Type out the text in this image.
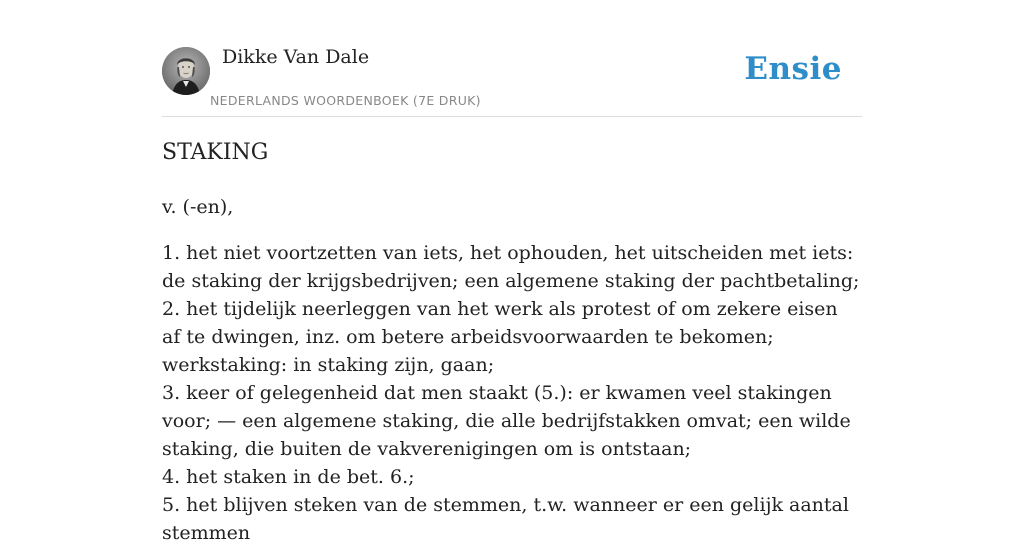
Dikke Van Dale
NEDERLANDS WOORDENBOEK (7E DRUK)
Ensie
STAKING
v. (-en),

1. het niet voortzetten van iets, het ophouden, het uitscheiden met iets: de staking der krijgsbedrijven; een algemene staking der pachtbetaling;

2. het tijdelijk neerleggen van het werk als protest of om zekere eisen af te dwingen, inz. om betere arbeidsvoorwaarden te bekomen; werkstaking: in staking zijn, gaan;

3. keer of gelegenheid dat men staakt (5.): er kwamen veel stakingen voor; — een algemene staking, die alle bedrijfstakken omvat; een wilde staking, die buiten de vakverenigingen om is ontstaan;

4. het staken in de bet. 6.;

5. het blijven steken van de stemmen, t.w. wanneer er een gelijk aantal stemmen
